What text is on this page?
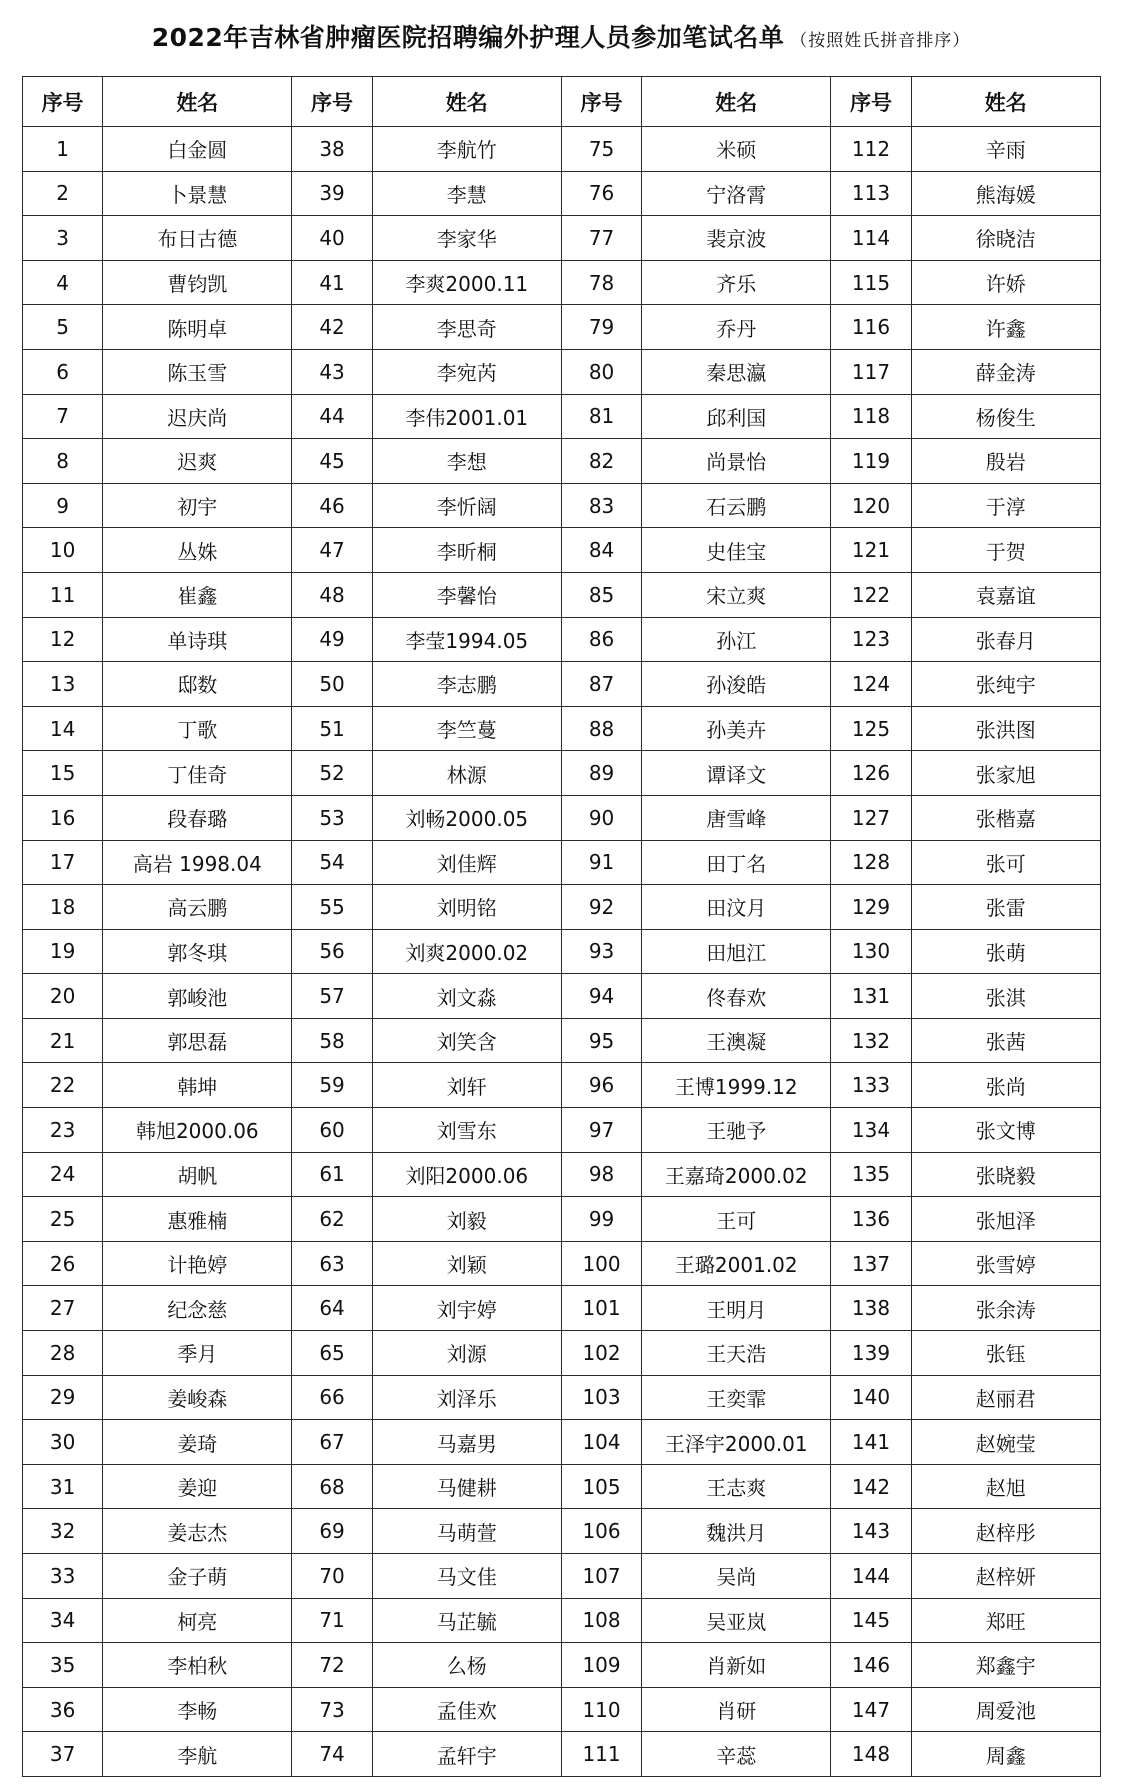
2022年吉林省肿瘤医院招聘编外护理人员参加笔试名单 （按照姓氏拼音排序）
序号	姓名	序号	姓名	序号	姓名	序号	姓名
1	白金圆	38	李航竹	75	米硕	112	辛雨
2	卜景慧	39	李慧	76	宁洛霄	113	熊海媛
3	布日古德	40	李家华	77	裴京波	114	徐晓洁
4	曹钧凯	41	李爽2000.11	78	齐乐	115	许娇
5	陈明卓	42	李思奇	79	乔丹	116	许鑫
6	陈玉雪	43	李宛芮	80	秦思瀛	117	薛金涛
7	迟庆尚	44	李伟2001.01	81	邱利国	118	杨俊生
8	迟爽	45	李想	82	尚景怡	119	殷岩
9	初宇	46	李忻阔	83	石云鹏	120	于淳
10	丛姝	47	李昕桐	84	史佳宝	121	于贺
11	崔鑫	48	李馨怡	85	宋立爽	122	袁嘉谊
12	单诗琪	49	李莹1994.05	86	孙江	123	张春月
13	邸数	50	李志鹏	87	孙浚皓	124	张纯宇
14	丁歌	51	李竺蔓	88	孙美卉	125	张洪图
15	丁佳奇	52	林源	89	谭译文	126	张家旭
16	段春璐	53	刘畅2000.05	90	唐雪峰	127	张楷嘉
17	高岩 1998.04	54	刘佳辉	91	田丁名	128	张可
18	高云鹏	55	刘明铭	92	田汶月	129	张雷
19	郭冬琪	56	刘爽2000.02	93	田旭江	130	张萌
20	郭峻池	57	刘文淼	94	佟春欢	131	张淇
21	郭思磊	58	刘笑含	95	王澳凝	132	张茜
22	韩坤	59	刘轩	96	王博1999.12	133	张尚
23	韩旭2000.06	60	刘雪东	97	王驰予	134	张文博
24	胡帆	61	刘阳2000.06	98	王嘉琦2000.02	135	张晓毅
25	惠雅楠	62	刘毅	99	王可	136	张旭泽
26	计艳婷	63	刘颖	100	王璐2001.02	137	张雪婷
27	纪念慈	64	刘宇婷	101	王明月	138	张余涛
28	季月	65	刘源	102	王天浩	139	张钰
29	姜峻森	66	刘泽乐	103	王奕霏	140	赵丽君
30	姜琦	67	马嘉男	104	王泽宇2000.01	141	赵婉莹
31	姜迎	68	马健耕	105	王志爽	142	赵旭
32	姜志杰	69	马萌萱	106	魏洪月	143	赵梓彤
33	金子萌	70	马文佳	107	吴尚	144	赵梓妍
34	柯亮	71	马芷毓	108	吴亚岚	145	郑旺
35	李柏秋	72	么杨	109	肖新如	146	郑鑫宇
36	李畅	73	孟佳欢	110	肖研	147	周爱池
37	李航	74	孟轩宇	111	辛蕊	148	周鑫
